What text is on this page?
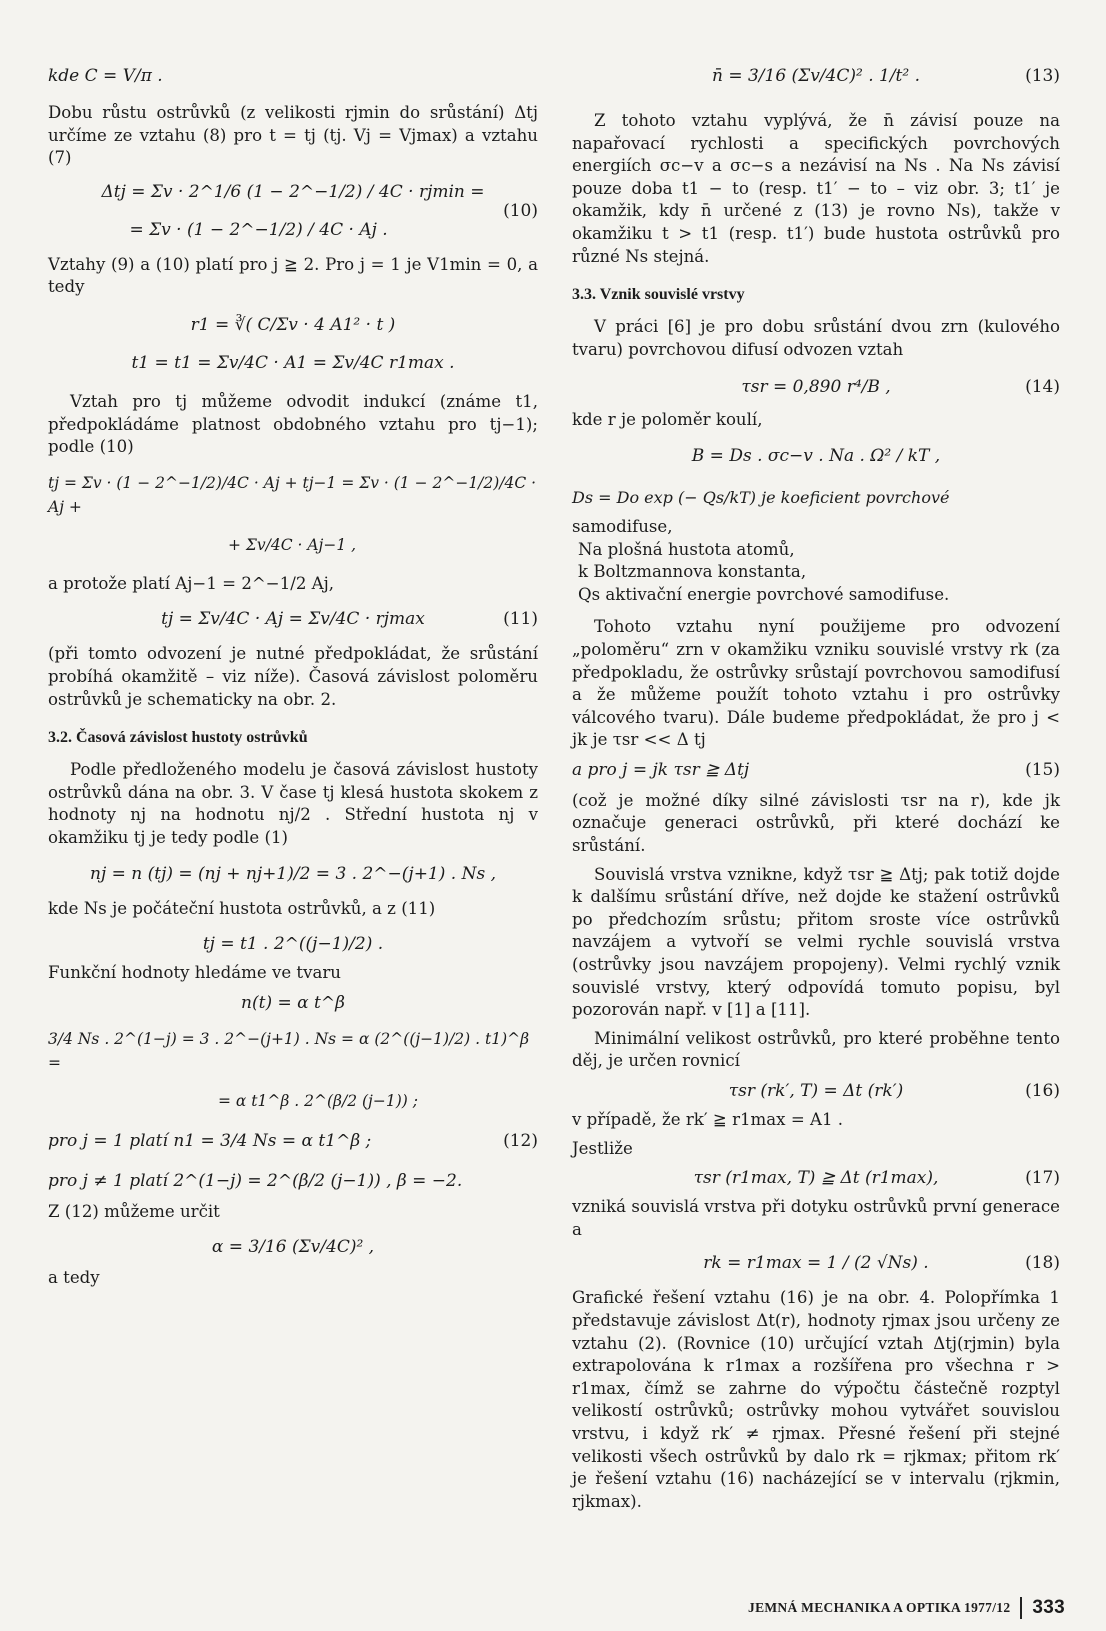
kde C = V/π .

Dobu růstu ostrůvků (z velikosti rjmin do srůstání) Δtj určíme ze vztahu (8) pro t = tj (tj. Vj = Vjmax) a vztahu (7)

Δtj = Σv · 2^1/6 (1 − 2^−1/2) / 4C · rjmin =
= Σv · (1 − 2^−1/2) / 4C · Aj .
(10)

Vztahy (9) a (10) platí pro j ≧ 2. Pro j = 1 je V1min = 0, a tedy

r1 = ∛( C/Σv · 4 A1² · t )
t1 = t1 = Σv/4C · A1 = Σv/4C r1max .

Vztah pro tj můžeme odvodit indukcí (známe t1, předpokládáme platnost obdobného vztahu pro tj−1); podle (10)

tj = Σv · (1 − 2^−1/2)/4C · Aj + tj−1 = Σv · (1 − 2^−1/2)/4C · Aj +
+ Σv/4C · Aj−1 ,

a protože platí Aj−1 = 2^−1/2 Aj,

tj = Σv/4C · Aj = Σv/4C · rjmax	(11)

(při tomto odvození je nutné předpokládat, že srůstání probíhá okamžitě – viz níže). Časová závislost poloměru ostrůvků je schematicky na obr. 2.

3.2. Časová závislost hustoty ostrůvků

Podle předloženého modelu je časová závislost hustoty ostrůvků dána na obr. 3. V čase tj klesá hustota skokem z hodnoty nj na hodnotu nj/2 . Střední hustota nj v okamžiku tj je tedy podle (1)

nj = n (tj) = (nj + nj+1)/2 = 3 . 2^−(j+1) . Ns ,

kde Ns je počáteční hustota ostrůvků, a z (11)

tj = t1 . 2^((j−1)/2) .

Funkční hodnoty hledáme ve tvaru

n(t) = α t^β
3/4 Ns . 2^(1−j) = 3 . 2^−(j+1) . Ns = α (2^((j−1)/2) . t1)^β =
= α t1^β . 2^(β/2 (j−1)) ;
pro j = 1 platí n1 = 3/4 Ns = α t1^β ;	(12)
pro j ≠ 1 platí 2^(1−j) = 2^(β/2 (j−1)) , β = −2.

Z (12) můžeme určit

α = 3/16 (Σv/4C)² ,

a tedy

n̄ = 3/16 (Σv/4C)² . 1/t² .	(13)

Z tohoto vztahu vyplývá, že n̄ závisí pouze na napařovací rychlosti a specifických povrchových energiích σc−v a σc−s a nezávisí na Ns . Na Ns závisí pouze doba t1 − to (resp. t1′ − to – viz obr. 3; t1′ je okamžik, kdy n̄ určené z (13) je rovno Ns), takže v okamžiku t > t1 (resp. t1′) bude hustota ostrůvků pro různé Ns stejná.

3.3. Vznik souvislé vrstvy

V práci [6] je pro dobu srůstání dvou zrn (kulového tvaru) povrchovou difusí odvozen vztah

τsr = 0,890 r⁴/B ,	(14)

kde r je poloměr koulí,

B = Ds . σc−v . Na . Ω² / kT ,
Ds = Do exp (− Qs/kT) je koeficient povrchové

samodifuse,

Na plošná hustota atomů,

k Boltzmannova konstanta,

Qs aktivační energie povrchové samodifuse.

Tohoto vztahu nyní použijeme pro odvození „poloměru“ zrn v okamžiku vzniku souvislé vrstvy rk (za předpokladu, že ostrůvky srůstají povrchovou samodifusí a že můžeme použít tohoto vztahu i pro ostrůvky válcového tvaru). Dále budeme předpokládat, že pro j < jk je τsr << Δ tj

a pro j = jk τsr ≧ Δtj	(15)

(což je možné díky silné závislosti τsr na r), kde jk označuje generaci ostrůvků, při které dochází ke srůstání.

Souvislá vrstva vznikne, když τsr ≧ Δtj; pak totiž dojde k dalšímu srůstání dříve, než dojde ke stažení ostrůvků po předchozím srůstu; přitom sroste více ostrůvků navzájem a vytvoří se velmi rychle souvislá vrstva (ostrůvky jsou navzájem propojeny). Velmi rychlý vznik souvislé vrstvy, který odpovídá tomuto popisu, byl pozorován např. v [1] a [11].

Minimální velikost ostrůvků, pro které proběhne tento děj, je určen rovnicí

τsr (rk′, T) = Δt (rk′)	(16)

v případě, že rk′ ≧ r1max = A1 .

Jestliže

τsr (r1max, T) ≧ Δt (r1max),	(17)

vzniká souvislá vrstva při dotyku ostrůvků první generace a

rk = r1max = 1 / (2 √Ns) .	(18)

Grafické řešení vztahu (16) je na obr. 4. Polopřímka 1 představuje závislost Δt(r), hodnoty rjmax jsou určeny ze vztahu (2). (Rovnice (10) určující vztah Δtj(rjmin) byla extrapolována k r1max a rozšířena pro všechna r > r1max, čímž se zahrne do výpočtu částečně rozptyl velikostí ostrůvků; ostrůvky mohou vytvářet souvislou vrstvu, i když rk′ ≠ rjmax. Přesné řešení při stejné velikosti všech ostrůvků by dalo rk = rjkmax; přitom rk′ je řešení vztahu (16) nacházející se v intervalu (rjkmin, rjkmax).

JEMNÁ MECHANIKA A OPTIKA 1977/12 333
